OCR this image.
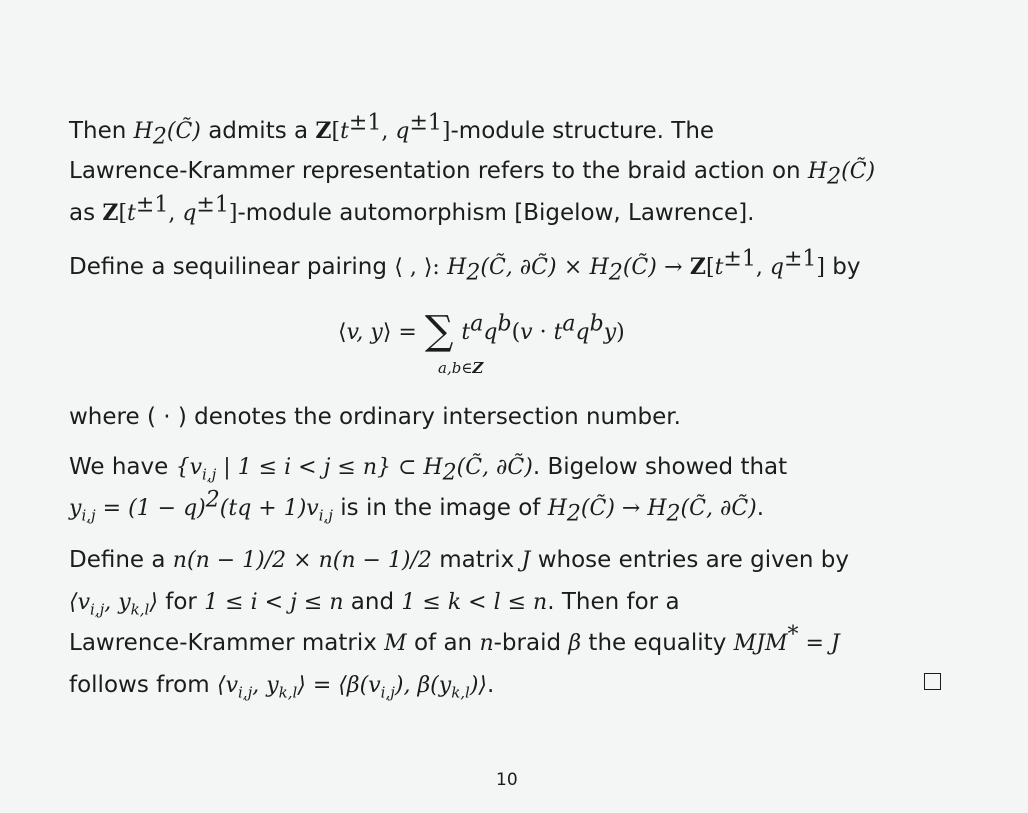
Then $H_2(C̃)$ admits a $Z[t^{\pm 1}$, $q^{\pm 1}$]-module structure. The
Lawrence-Krammer representation refers to the braid action on $H_2(C̃)$
as $Z[t^{\pm 1}$, $q^{\pm 1}$]-module automorphism [Bigelow, Lawrence].
Define a sequilinear pairing ⟨ , ⟩: $H_2(C̃$, ∂C̃) × $H_2(C̃) \to Z[t^{\pm 1}$, $q^{\pm 1}$] by
⟨v, y⟩ = ∑ $t^aq^b(v \cdot t^aq^by)$
a,b∈Z
where ( · ) denotes the ordinary intersection number.
We have {$v_{i,j}$ | 1 ≤ i < j ≤ n} ⊂ $H_2(C̃$, ∂C̃). Bigelow showed that
$y_{i,j} = (1 - q)^2(tq + 1)v_{i,j}$ is in the image of $H_2(C̃)$ → $H_2(C̃$, ∂C̃).
Define a n(n − 1)/2 × n(n − 1)/2 matrix J whose entries are given by
$⟨v_{i,j}$, $y_{k,l}⟩$ for 1 ≤ i < j ≤ n and 1 ≤ k < l ≤ n. Then for a
Lawrence-Krammer matrix M of an n-braid β the equality MJM* = J
follows from $⟨v_{i,j}$, $y_{k,l}⟩$ = $⟨\beta(v_{i,j})$, $\beta(y_{k,l})⟩$.
10
